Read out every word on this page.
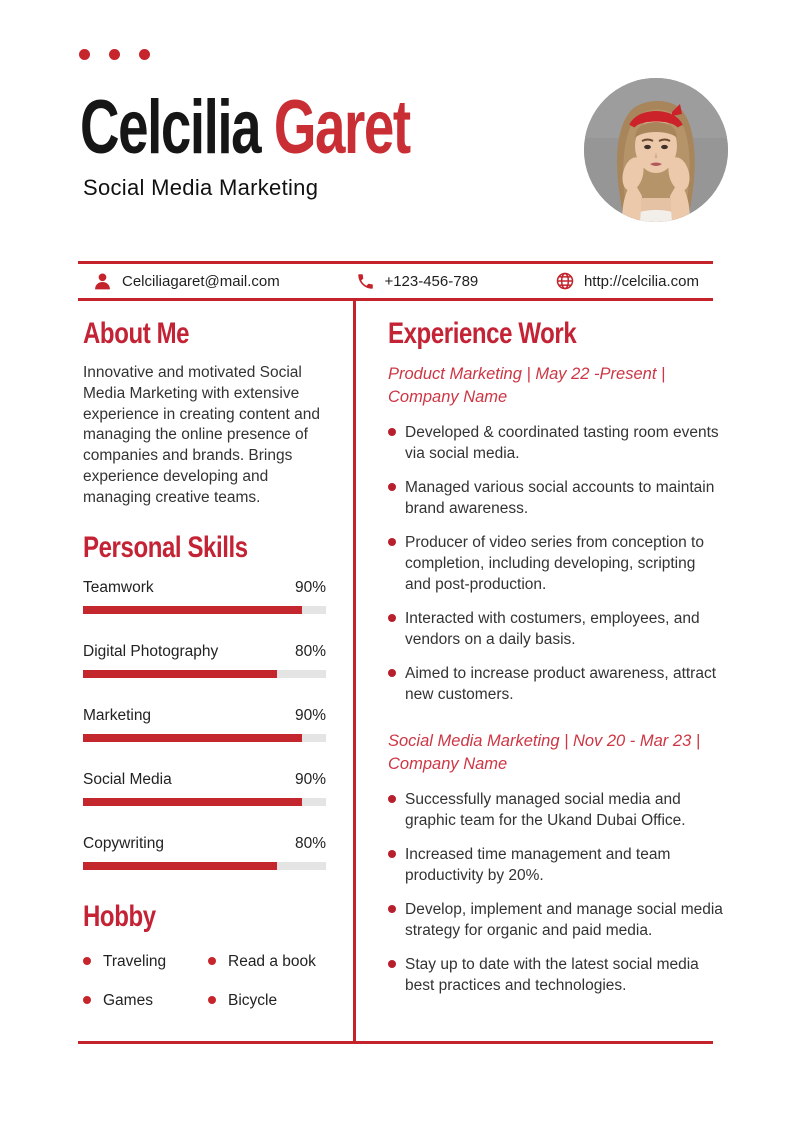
Celcilia Garet
Social Media Marketing
Celciliagaret@mail.com	+123-456-789	http://celcilia.com
About Me

Innovative and motivated Social Media Marketing with extensive experience in creating content and managing the online presence of companies and brands. Brings experience developing and managing creative teams.

Personal Skills
Teamwork	90%
Digital Photography	80%
Marketing	90%
Social Media	90%
Copywriting	80%
Hobby
Traveling	Read a book
Games	Bicycle
Experience Work

Product Marketing | May 22 -Present | Company Name

Developed & coordinated tasting room events via social media.
Managed various social accounts to maintain brand awareness.
Producer of video series from conception to completion, including developing, scripting and post-production.
Interacted with costumers, employees, and vendors on a daily basis.
Aimed to increase product awareness, attract new customers.

Social Media Marketing | Nov 20 - Mar 23 | Company Name

Successfully managed social media and graphic team for the Ukand Dubai Office.
Increased time management and team productivity by 20%.
Develop, implement and manage social media strategy for organic and paid media.
Stay up to date with the latest social media best practices and technologies.
